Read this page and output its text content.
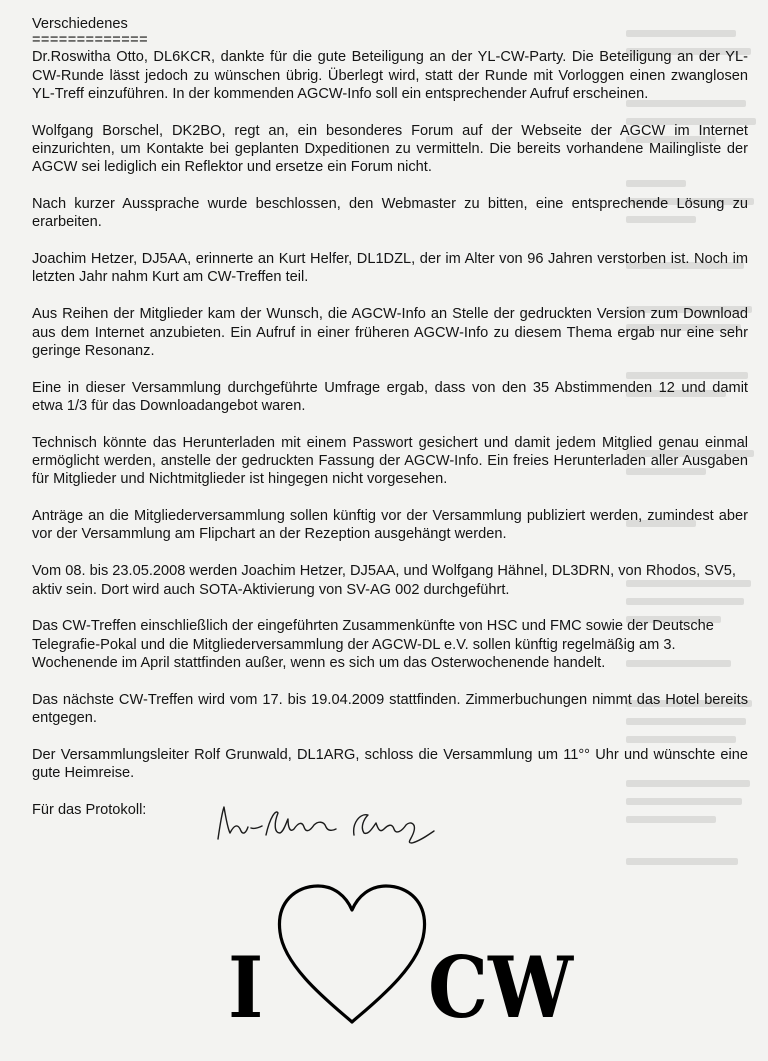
Verschiedenes
=============

Dr.Roswitha Otto, DL6KCR, dankte für die gute Beteiligung an der YL-CW-Party. Die Beteiligung an der YL-CW-Runde lässt jedoch zu wünschen übrig. Überlegt wird, statt der Runde mit Vorloggen einen zwanglosen YL-Treff einzuführen. In der kommenden AGCW-Info soll ein entsprechender Aufruf erscheinen.

Wolfgang Borschel, DK2BO, regt an, ein besonderes Forum auf der Webseite der AGCW im Internet einzurichten, um Kontakte bei geplanten Dxpeditionen zu vermitteln. Die bereits vorhandene Mailingliste der AGCW sei lediglich ein Reflektor und ersetze ein Forum nicht.

Nach kurzer Aussprache wurde beschlossen, den Webmaster zu bitten, eine entsprechende Lösung zu erarbeiten.

Joachim Hetzer, DJ5AA, erinnerte an Kurt Helfer, DL1DZL, der im Alter von 96 Jahren verstorben ist. Noch im letzten Jahr nahm Kurt am CW-Treffen teil.

Aus Reihen der Mitglieder kam der Wunsch, die AGCW-Info an Stelle der gedruckten Version zum Download aus dem Internet anzubieten. Ein Aufruf in einer früheren AGCW-Info zu diesem Thema ergab nur eine sehr geringe Resonanz.

Eine in dieser Versammlung durchgeführte Umfrage ergab, dass von den 35 Abstimmenden 12 und damit etwa 1/3 für das Downloadangebot waren.

Technisch könnte das Herunterladen mit einem Passwort gesichert und damit jedem Mitglied genau einmal ermöglicht werden, anstelle der gedruckten Fassung der AGCW-Info. Ein freies Herunterladen aller Ausgaben für Mitglieder und Nichtmitglieder ist hingegen nicht vorgesehen.

Anträge an die Mitgliederversammlung sollen künftig vor der Versammlung publiziert werden, zumindest aber vor der Versammlung am Flipchart an der Rezeption ausgehängt werden.

Vom 08. bis 23.05.2008 werden Joachim Hetzer, DJ5AA, und Wolfgang Hähnel, DL3DRN, von Rhodos, SV5, aktiv sein. Dort wird auch SOTA-Aktivierung von SV-AG 002 durchgeführt.

Das CW-Treffen einschließlich der eingeführten Zusammenkünfte von HSC und FMC sowie der Deutsche Telegrafie-Pokal und die Mitgliederversammlung der AGCW-DL e.V. sollen künftig regelmäßig am 3. Wochenende im April stattfinden außer, wenn es sich um das Osterwochenende handelt.

Das nächste CW-Treffen wird vom 17. bis 19.04.2009 stattfinden. Zimmerbuchungen nimmt das Hotel bereits entgegen.

Der Versammlungsleiter Rolf Grunwald, DL1ARG, schloss die Versammlung um 11°° Uhr und wünschte eine gute Heimreise.

Für das Protokoll:
I CW
